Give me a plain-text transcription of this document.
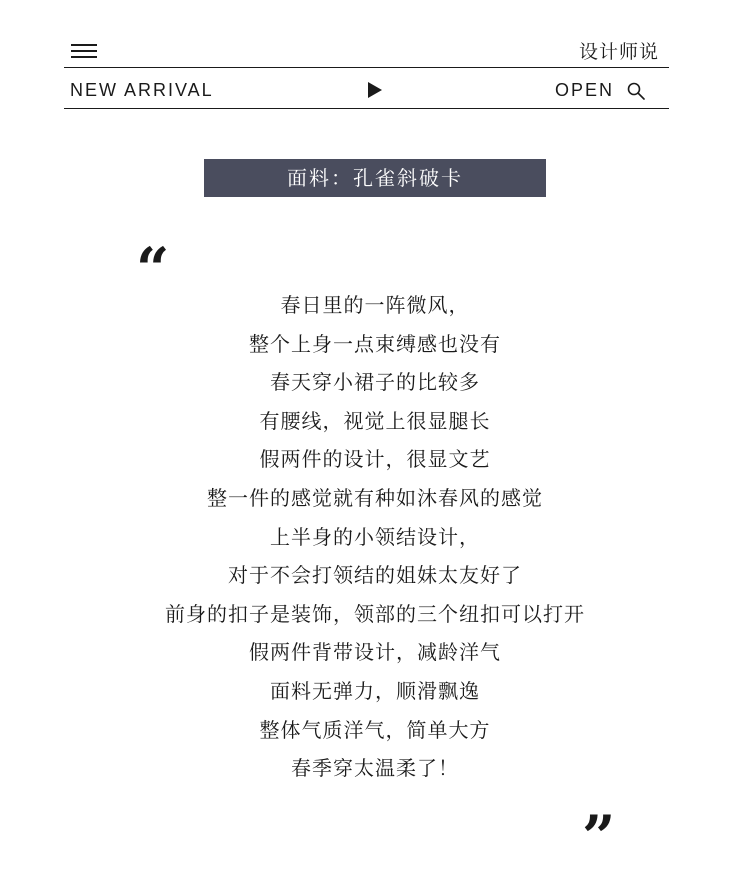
设计师说
NEW ARRIVAL	OPEN
面料：孔雀斜破卡
“
春日里的一阵微风，
整个上身一点束缚感也没有
春天穿小裙子的比较多
有腰线，视觉上很显腿长
假两件的设计，很显文艺
整一件的感觉就有种如沐春风的感觉
上半身的小领结设计，
对于不会打领结的姐妹太友好了
前身的扣子是装饰，领部的三个纽扣可以打开
假两件背带设计，减龄洋气
面料无弹力，顺滑飘逸
整体气质洋气，简单大方
春季穿太温柔了！
”
